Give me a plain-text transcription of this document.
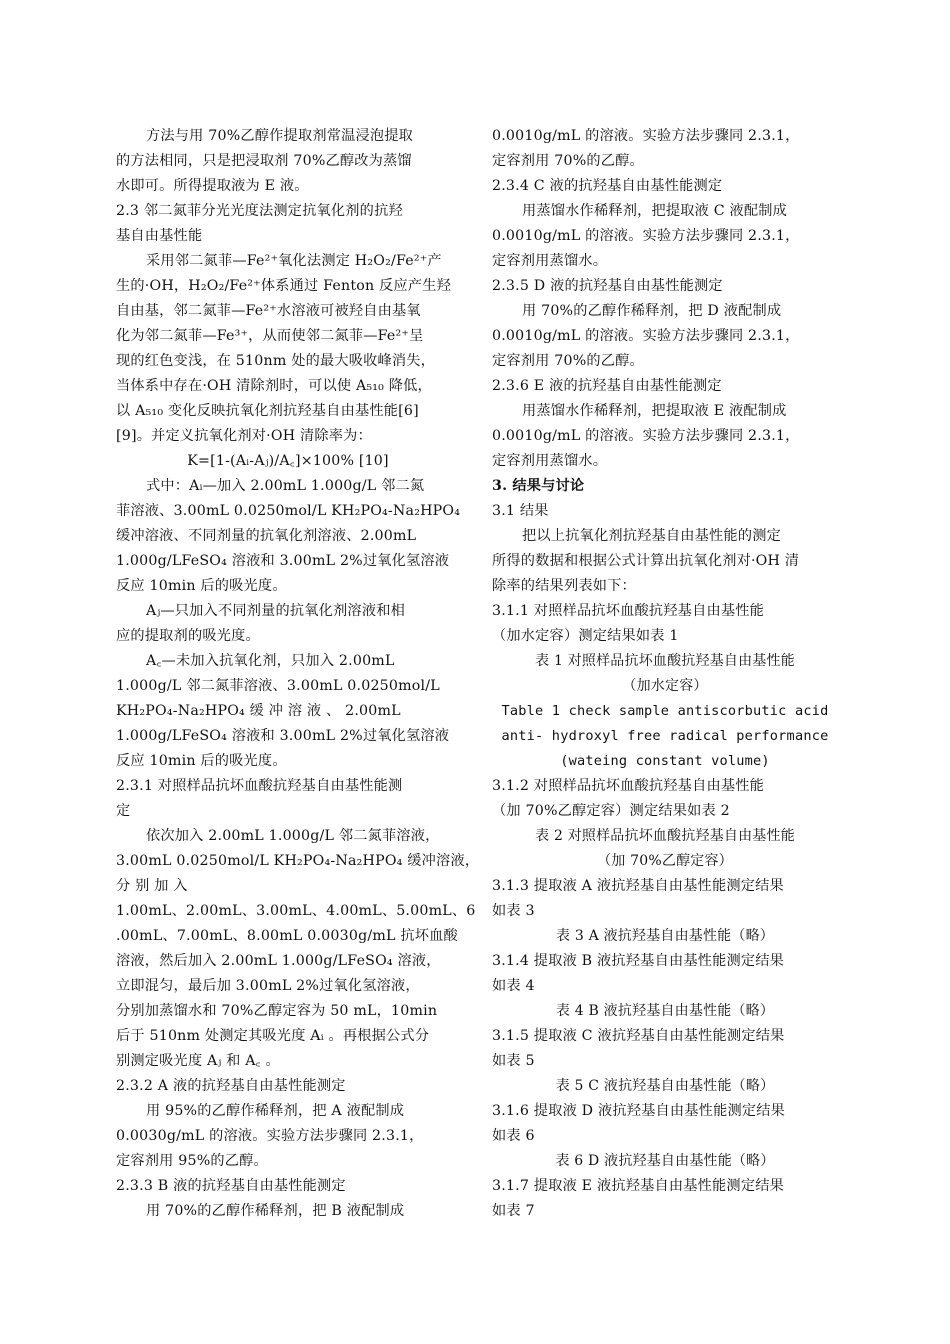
方法与用 70%乙醇作提取剂常温浸泡提取
的方法相同，只是把浸取剂 70%乙醇改为蒸馏
水即可。所得提取液为 E 液。
2.3 邻二氮菲分光光度法测定抗氧化剂的抗羟
基自由基性能
采用邻二氮菲—Fe²⁺氧化法测定 H₂O₂/Fe²⁺产
生的·OH，H₂O₂/Fe²⁺体系通过 Fenton 反应产生羟
自由基，邻二氮菲—Fe²⁺水溶液可被羟自由基氧
化为邻二氮菲—Fe³⁺，从而使邻二氮菲—Fe²⁺呈
现的红色变浅，在 510nm 处的最大吸收峰消失，
当体系中存在·OH 清除剂时，可以使 A₅₁₀ 降低，
以 A₅₁₀ 变化反映抗氧化剂抗羟基自由基性能[6]
[9]。并定义抗氧化剂对·OH 清除率为：
K=[1-(Aᵢ-Aⱼ)/A꜀]×100% [10]
式中：Aᵢ—加入 2.00mL 1.000g/L 邻二氮
菲溶液、3.00mL 0.0250mol/L KH₂PO₄-Na₂HPO₄
缓冲溶液、不同剂量的抗氧化剂溶液、2.00mL
1.000g/LFeSO₄ 溶液和 3.00mL 2%过氧化氢溶液
反应 10min 后的吸光度。
Aⱼ—只加入不同剂量的抗氧化剂溶液和相
应的提取剂的吸光度。
A꜀—未加入抗氧化剂，只加入 2.00mL
1.000g/L 邻二氮菲溶液、3.00mL 0.0250mol/L
KH₂PO₄-Na₂HPO₄ 缓 冲 溶 液 、 2.00mL
1.000g/LFeSO₄ 溶液和 3.00mL 2%过氧化氢溶液
反应 10min 后的吸光度。
2.3.1 对照样品抗坏血酸抗羟基自由基性能测
定
依次加入 2.00mL 1.000g/L 邻二氮菲溶液，
3.00mL 0.0250mol/L KH₂PO₄-Na₂HPO₄ 缓冲溶液，
分 别 加 入
1.00mL、2.00mL、3.00mL、4.00mL、5.00mL、6
.00mL、7.00mL、8.00mL 0.0030g/mL 抗坏血酸
溶液，然后加入 2.00mL 1.000g/LFeSO₄ 溶液，
立即混匀，最后加 3.00mL 2%过氧化氢溶液，
分别加蒸馏水和 70%乙醇定容为 50 mL，10min
后于 510nm 处测定其吸光度 Aᵢ 。再根据公式分
别测定吸光度 Aⱼ 和 A꜀ 。
2.3.2 A 液的抗羟基自由基性能测定
用 95%的乙醇作稀释剂，把 A 液配制成
0.0030g/mL 的溶液。实验方法步骤同 2.3.1，
定容剂用 95%的乙醇。
2.3.3 B 液的抗羟基自由基性能测定
用 70%的乙醇作稀释剂，把 B 液配制成
0.0010g/mL 的溶液。实验方法步骤同 2.3.1，
定容剂用 70%的乙醇。
2.3.4 C 液的抗羟基自由基性能测定
用蒸馏水作稀释剂，把提取液 C 液配制成
0.0010g/mL 的溶液。实验方法步骤同 2.3.1，
定容剂用蒸馏水。
2.3.5 D 液的抗羟基自由基性能测定
用 70%的乙醇作稀释剂，把 D 液配制成
0.0010g/mL 的溶液。实验方法步骤同 2.3.1，
定容剂用 70%的乙醇。
2.3.6 E 液的抗羟基自由基性能测定
用蒸馏水作稀释剂，把提取液 E 液配制成
0.0010g/mL 的溶液。实验方法步骤同 2.3.1，
定容剂用蒸馏水。
3. 结果与讨论
3.1 结果
把以上抗氧化剂抗羟基自由基性能的测定
所得的数据和根据公式计算出抗氧化剂对·OH 清
除率的结果列表如下：
3.1.1 对照样品抗坏血酸抗羟基自由基性能
（加水定容）测定结果如表 1
表 1 对照样品抗坏血酸抗羟基自由基性能
（加水定容）
Table 1 check sample antiscorbutic acid
anti- hydroxyl free radical performance
(wateing constant volume)
3.1.2 对照样品抗坏血酸抗羟基自由基性能
（加 70%乙醇定容）测定结果如表 2
表 2 对照样品抗坏血酸抗羟基自由基性能
（加 70%乙醇定容）
3.1.3 提取液 A 液抗羟基自由基性能测定结果
如表 3
表 3 A 液抗羟基自由基性能（略）
3.1.4 提取液 B 液抗羟基自由基性能测定结果
如表 4
表 4 B 液抗羟基自由基性能（略）
3.1.5 提取液 C 液抗羟基自由基性能测定结果
如表 5
表 5 C 液抗羟基自由基性能（略）
3.1.6 提取液 D 液抗羟基自由基性能测定结果
如表 6
表 6 D 液抗羟基自由基性能（略）
3.1.7 提取液 E 液抗羟基自由基性能测定结果
如表 7
